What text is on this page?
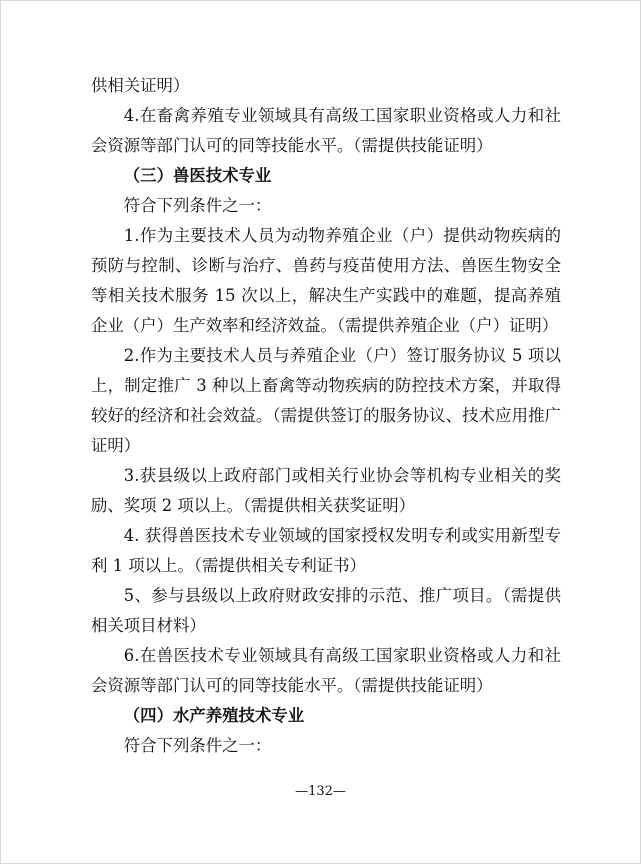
供相关证明）

4.在畜禽养殖专业领域具有高级工国家职业资格或人力和社会资源等部门认可的同等技能水平。（需提供技能证明）

（三）兽医技术专业

符合下列条件之一：

1.作为主要技术人员为动物养殖企业（户）提供动物疾病的预防与控制、诊断与治疗、兽药与疫苗使用方法、兽医生物安全等相关技术服务 15 次以上，解决生产实践中的难题，提高养殖企业（户）生产效率和经济效益。（需提供养殖企业（户）证明）

2.作为主要技术人员与养殖企业（户）签订服务协议 5 项以上，制定推广 3 种以上畜禽等动物疾病的防控技术方案，并取得较好的经济和社会效益。（需提供签订的服务协议、技术应用推广证明）

3.获县级以上政府部门或相关行业协会等机构专业相关的奖励、奖项 2 项以上。（需提供相关获奖证明）

4. 获得兽医技术专业领域的国家授权发明专利或实用新型专利 1 项以上。（需提供相关专利证书）

5、参与县级以上政府财政安排的示范、推广项目。（需提供相关项目材料）

6.在兽医技术专业领域具有高级工国家职业资格或人力和社会资源等部门认可的同等技能水平。（需提供技能证明）

（四）水产养殖技术专业

符合下列条件之一：

—132—
